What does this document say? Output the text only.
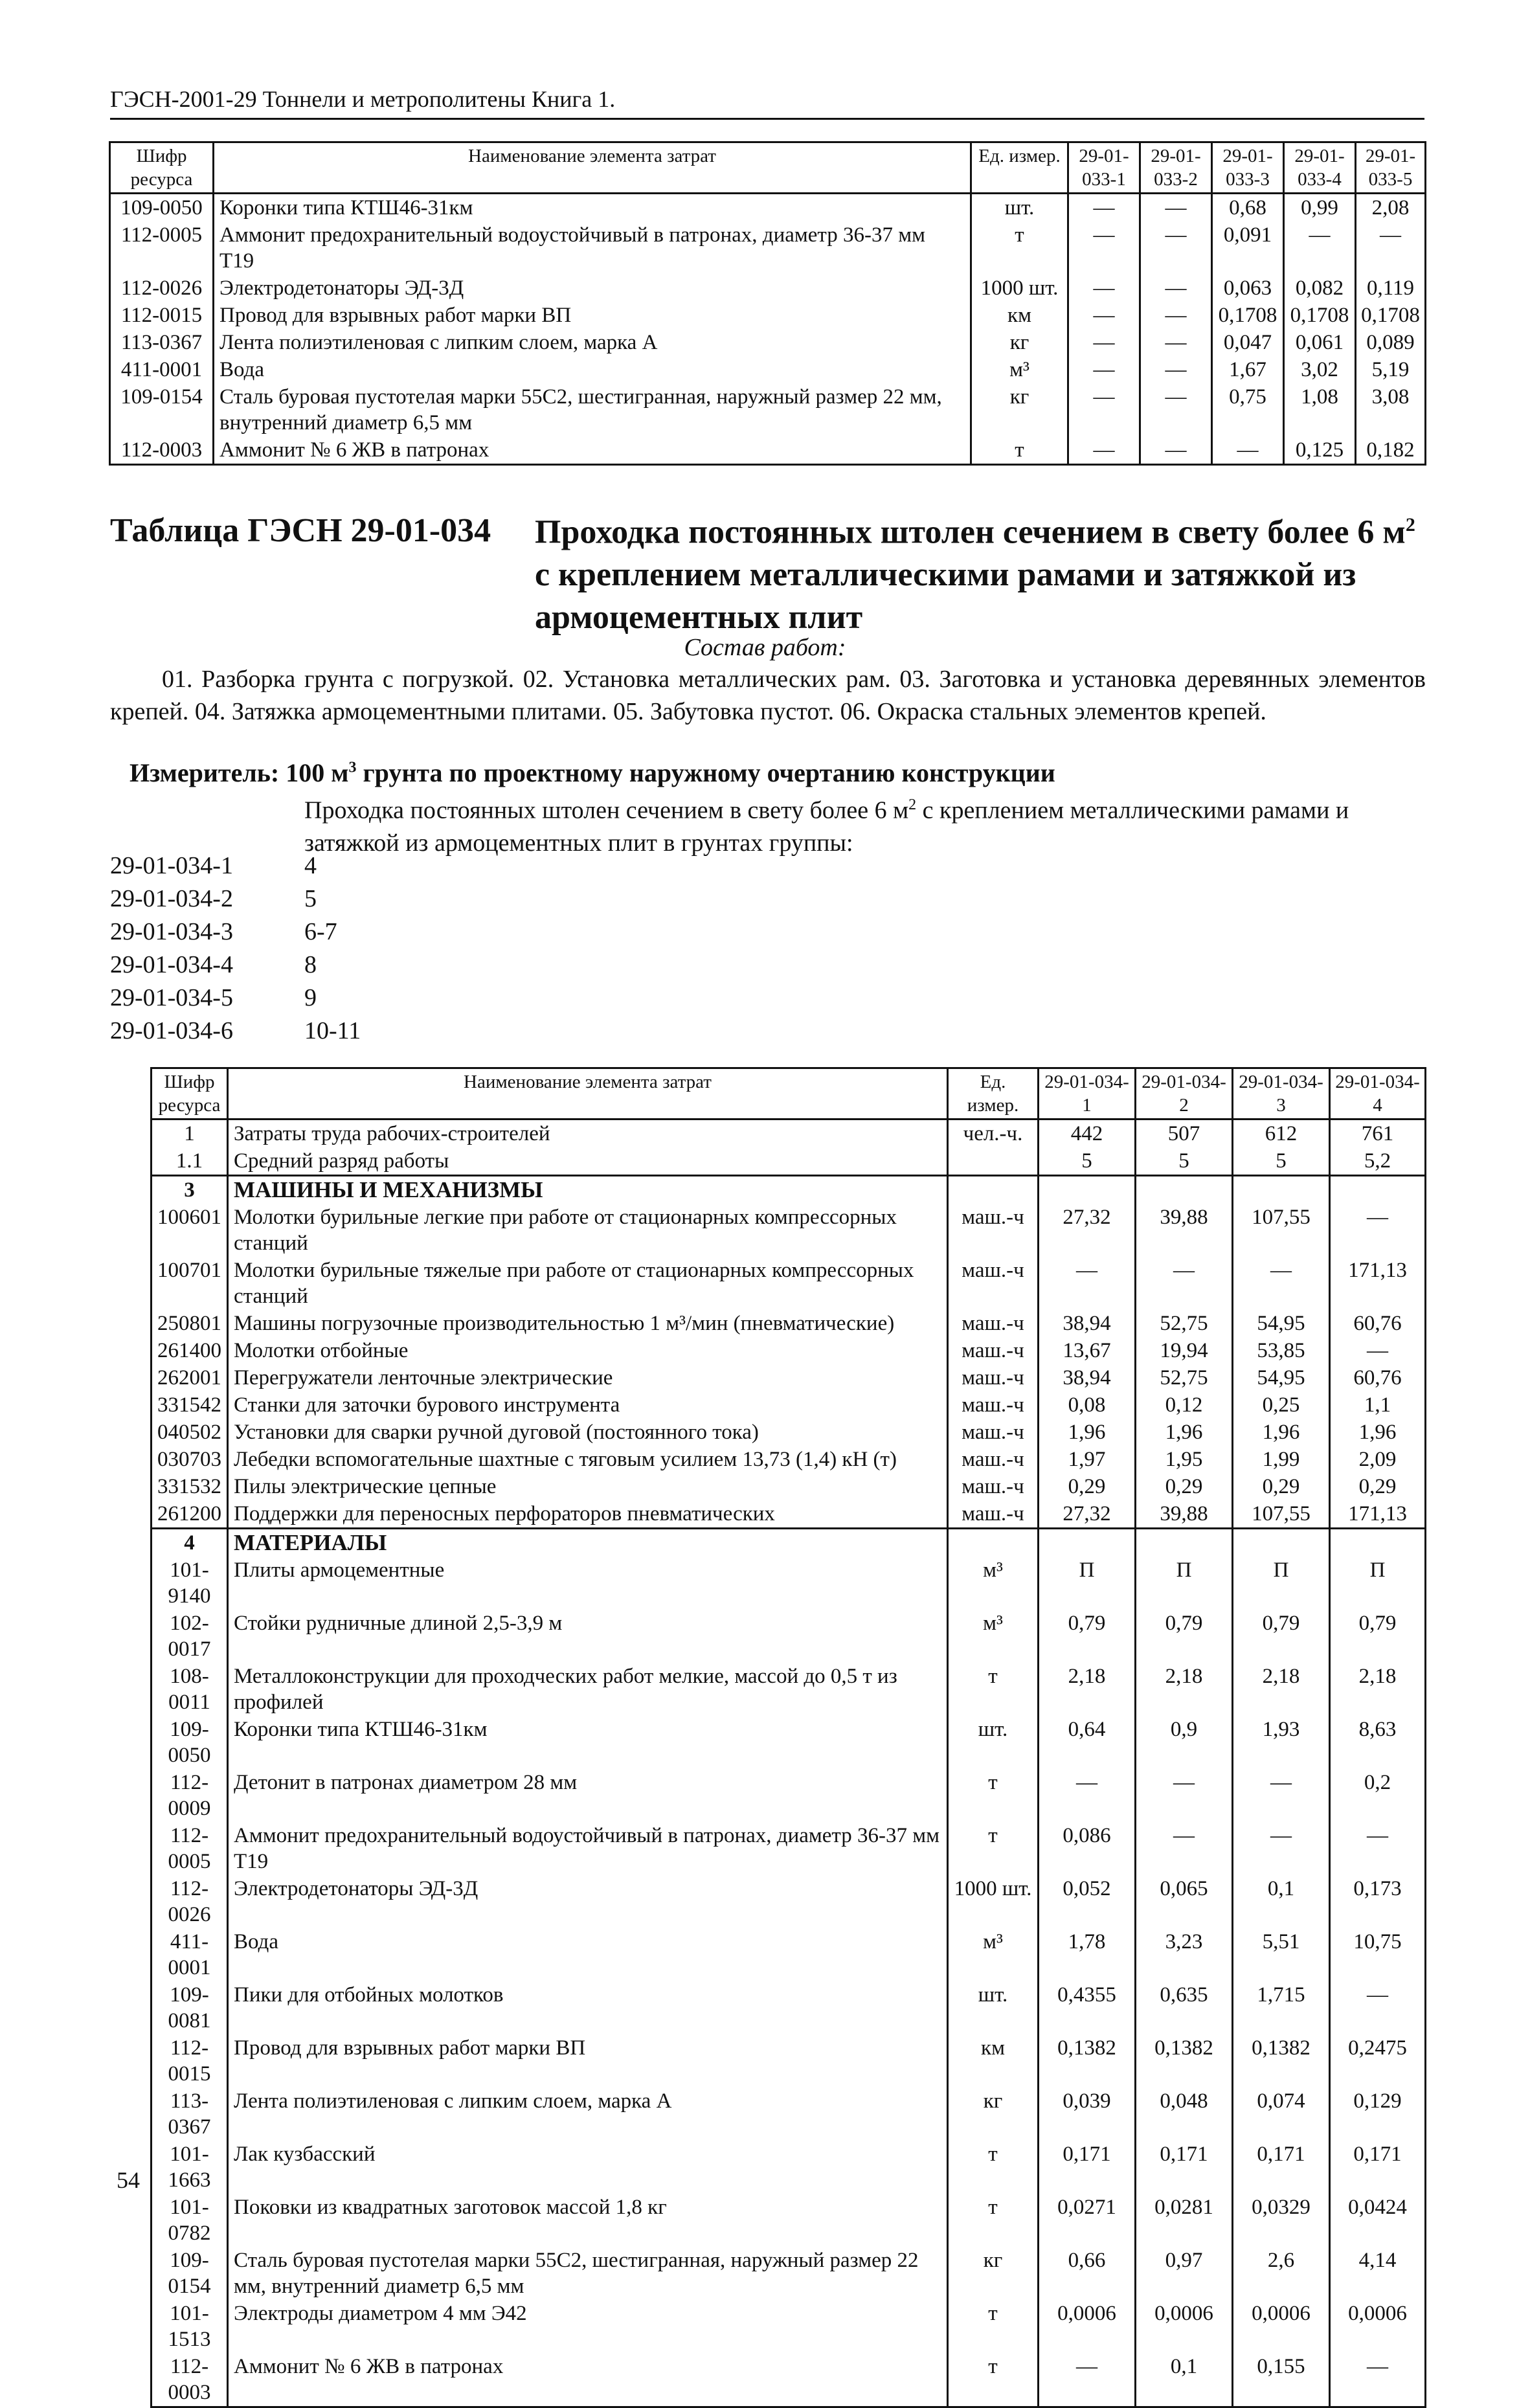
ГЭСН-2001-29 Тоннели и метрополитены Книга 1.
Шифр ресурса	Наименование элемента затрат	Ед. измер.	29-01-033-1	29-01-033-2	29-01-033-3	29-01-033-4	29-01-033-5
109-0050	Коронки типа КТШ46-31км	шт.	—	—	0,68	0,99	2,08
112-0005	Аммонит предохранительный водоустойчивый в патронах, диаметр 36-37 мм Т19	т	—	—	0,091	—	—
112-0026	Электродетонаторы ЭД-3Д	1000 шт.	—	—	0,063	0,082	0,119
112-0015	Провод для взрывных работ марки ВП	км	—	—	0,1708	0,1708	0,1708
113-0367	Лента полиэтиленовая с липким слоем, марка А	кг	—	—	0,047	0,061	0,089
411-0001	Вода	м³	—	—	1,67	3,02	5,19
109-0154	Сталь буровая пустотелая марки 55С2, шестигранная, наружный размер 22 мм, внутренний диаметр 6,5 мм	кг	—	—	0,75	1,08	3,08
112-0003	Аммонит № 6 ЖВ в патронах	т	—	—	—	0,125	0,182
Таблица ГЭСН 29-01-034 Проходка постоянных штолен сечением в свету более 6 $м^2$ с креплением металлическими рамами и затяжкой из армоцементных плит
Состав работ:
01. Разборка грунта с погрузкой. 02. Установка металлических рам. 03. Заготовка и установка деревянных элементов крепей. 04. Затяжка армоцементными плитами. 05. Забутовка пустот. 06. Окраска стальных элементов крепей.
Измеритель: 100 $м^3$ грунта по проектному наружному очертанию конструкции
Проходка постоянных штолен сечением в свету более 6 $м^2$ с креплением металлическими рамами и затяжкой из армоцементных плит в грунтах группы:
29-01-034-1	4
29-01-034-2	5
29-01-034-3	6-7
29-01-034-4	8
29-01-034-5	9
29-01-034-6	10-11
Шифр ресурса	Наименование элемента затрат	Ед. измер.	29-01-034-1	29-01-034-2	29-01-034-3	29-01-034-4
1	Затраты труда рабочих-строителей	чел.-ч.	442	507	612	761
1.1	Средний разряд работы		5	5	5	5,2
3	МАШИНЫ И МЕХАНИЗМЫ					
100601	Молотки бурильные легкие при работе от стационарных компрессорных станций	маш.-ч	27,32	39,88	107,55	—
100701	Молотки бурильные тяжелые при работе от стационарных компрессорных станций	маш.-ч	—	—	—	171,13
250801	Машины погрузочные производительностью 1 м³/мин (пневматические)	маш.-ч	38,94	52,75	54,95	60,76
261400	Молотки отбойные	маш.-ч	13,67	19,94	53,85	—
262001	Перегружатели ленточные электрические	маш.-ч	38,94	52,75	54,95	60,76
331542	Станки для заточки бурового инструмента	маш.-ч	0,08	0,12	0,25	1,1
040502	Установки для сварки ручной дуговой (постоянного тока)	маш.-ч	1,96	1,96	1,96	1,96
030703	Лебедки вспомогательные шахтные с тяговым усилием 13,73 (1,4) кН (т)	маш.-ч	1,97	1,95	1,99	2,09
331532	Пилы электрические цепные	маш.-ч	0,29	0,29	0,29	0,29
261200	Поддержки для переносных перфораторов пневматических	маш.-ч	27,32	39,88	107,55	171,13
4	МАТЕРИАЛЫ					
101-9140	Плиты армоцементные	м³	П	П	П	П
102-0017	Стойки рудничные длиной 2,5-3,9 м	м³	0,79	0,79	0,79	0,79
108-0011	Металлоконструкции для проходческих работ мелкие, массой до 0,5 т из профилей	т	2,18	2,18	2,18	2,18
109-0050	Коронки типа КТШ46-31км	шт.	0,64	0,9	1,93	8,63
112-0009	Детонит в патронах диаметром 28 мм	т	—	—	—	0,2
112-0005	Аммонит предохранительный водоустойчивый в патронах, диаметр 36-37 мм Т19	т	0,086	—	—	—
112-0026	Электродетонаторы ЭД-3Д	1000 шт.	0,052	0,065	0,1	0,173
411-0001	Вода	м³	1,78	3,23	5,51	10,75
109-0081	Пики для отбойных молотков	шт.	0,4355	0,635	1,715	—
112-0015	Провод для взрывных работ марки ВП	км	0,1382	0,1382	0,1382	0,2475
113-0367	Лента полиэтиленовая с липким слоем, марка А	кг	0,039	0,048	0,074	0,129
101-1663	Лак кузбасский	т	0,171	0,171	0,171	0,171
101-0782	Поковки из квадратных заготовок массой 1,8 кг	т	0,0271	0,0281	0,0329	0,0424
109-0154	Сталь буровая пустотелая марки 55С2, шестигранная, наружный размер 22 мм, внутренний диаметр 6,5 мм	кг	0,66	0,97	2,6	4,14
101-1513	Электроды диаметром 4 мм Э42	т	0,0006	0,0006	0,0006	0,0006
112-0003	Аммонит № 6 ЖВ в патронах	т	—	0,1	0,155	—
54
